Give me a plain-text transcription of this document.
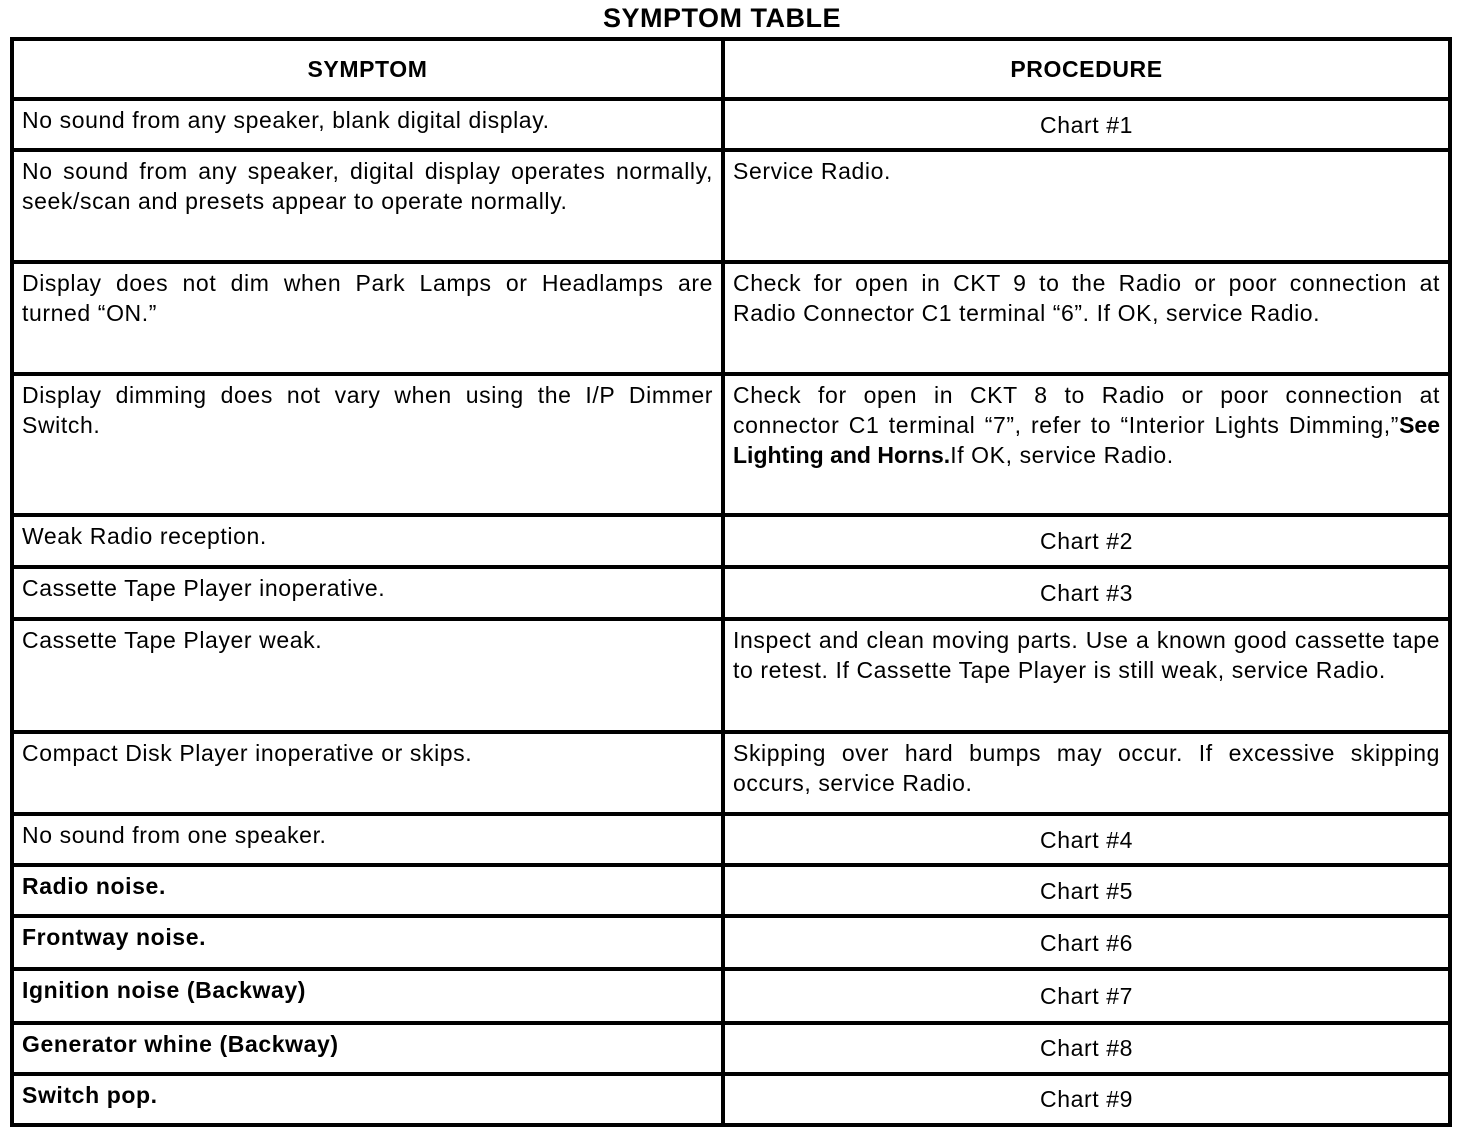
SYMPTOM TABLE
SYMPTOM	PROCEDURE
No sound from any speaker, blank digital display.	Chart #1
No sound from any speaker, digital display operates normally, seek/scan and presets appear to operate normally.	Service Radio.
Display does not dim when Park Lamps or Headlamps are turned “ON.”	Check for open in CKT 9 to the Radio or poor connection at Radio Connector C1 terminal “6”. If OK, service Radio.
Display dimming does not vary when using the I/P Dimmer Switch.	Check for open in CKT 8 to Radio or poor connection at connector C1 terminal “7”, refer to “Interior Lights Dimming,”See Lighting and Horns.If OK, service Radio.
Weak Radio reception.	Chart #2
Cassette Tape Player inoperative.	Chart #3
Cassette Tape Player weak.	Inspect and clean moving parts. Use a known good cassette tape to retest. If Cassette Tape Player is still weak, service Radio.
Compact Disk Player inoperative or skips.	Skipping over hard bumps may occur. If excessive skipping occurs, service Radio.
No sound from one speaker.	Chart #4
Radio noise.	Chart #5
Frontway noise.	Chart #6
Ignition noise (Backway)	Chart #7
Generator whine (Backway)	Chart #8
Switch pop.	Chart #9
